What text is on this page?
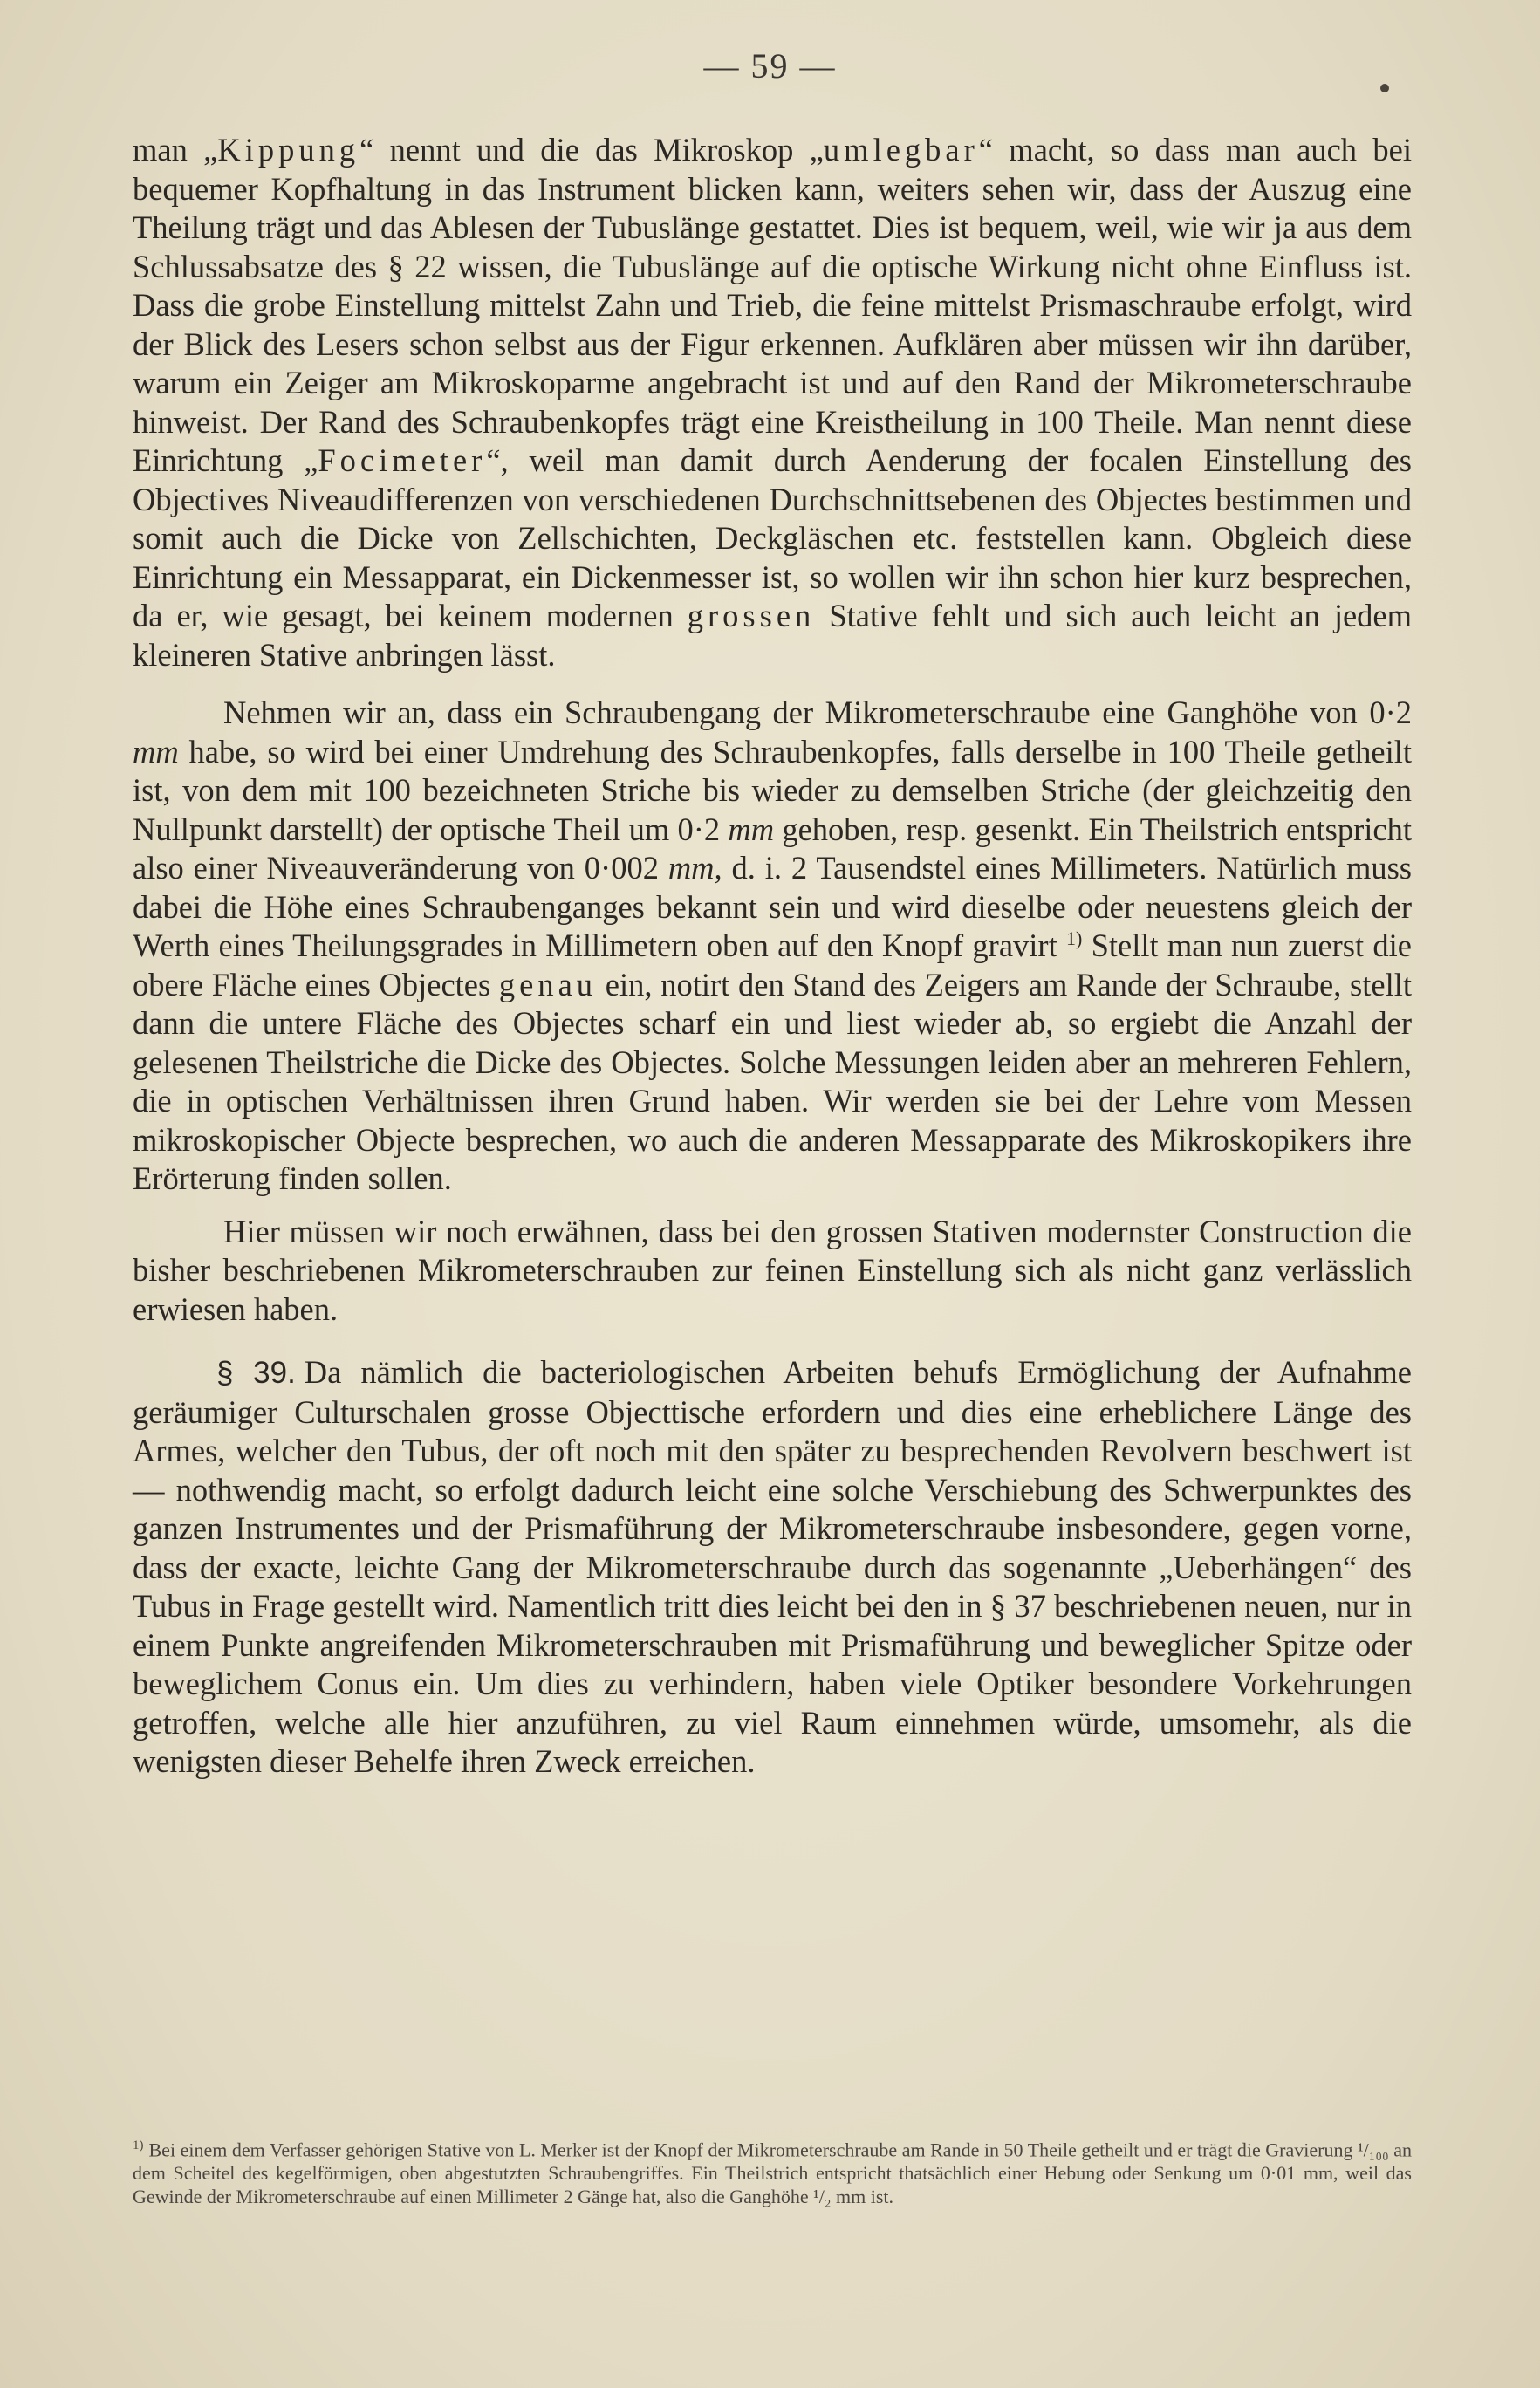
— 59 —

man „Kippung“ nennt und die das Mikroskop „umlegbar“ macht, so dass man auch bei bequemer Kopfhaltung in das Instrument blicken kann, weiters sehen wir, dass der Auszug eine Theilung trägt und das Ablesen der Tubuslänge gestattet. Dies ist bequem, weil, wie wir ja aus dem Schlussabsatze des § 22 wissen, die Tubuslänge auf die optische Wirkung nicht ohne Einfluss ist. Dass die grobe Einstellung mittelst Zahn und Trieb, die feine mittelst Prismaschraube erfolgt, wird der Blick des Lesers schon selbst aus der Figur erkennen. Aufklären aber müssen wir ihn darüber, warum ein Zeiger am Mikroskoparme angebracht ist und auf den Rand der Mikrometerschraube hinweist. Der Rand des Schraubenkopfes trägt eine Kreistheilung in 100 Theile. Man nennt diese Einrichtung „Focimeter“, weil man damit durch Aenderung der focalen Einstellung des Objectives Niveaudifferenzen von verschiedenen Durchschnittsebenen des Objectes bestimmen und somit auch die Dicke von Zellschichten, Deckgläschen etc. feststellen kann. Obgleich diese Einrichtung ein Messapparat, ein Dickenmesser ist, so wollen wir ihn schon hier kurz besprechen, da er, wie gesagt, bei keinem modernen grossen Stative fehlt und sich auch leicht an jedem kleineren Stative anbringen lässt.

Nehmen wir an, dass ein Schraubengang der Mikrometerschraube eine Ganghöhe von 0·2 mm habe, so wird bei einer Umdrehung des Schraubenkopfes, falls derselbe in 100 Theile getheilt ist, von dem mit 100 bezeichneten Striche bis wieder zu demselben Striche (der gleichzeitig den Nullpunkt darstellt) der optische Theil um 0·2 mm gehoben, resp. gesenkt. Ein Theilstrich entspricht also einer Niveauveränderung von 0·002 mm, d. i. 2 Tausendstel eines Millimeters. Natürlich muss dabei die Höhe eines Schraubenganges bekannt sein und wird dieselbe oder neuestens gleich der Werth eines Theilungsgrades in Millimetern oben auf den Knopf gravirt $^{1)}$ Stellt man nun zuerst die obere Fläche eines Objectes genau ein, notirt den Stand des Zeigers am Rande der Schraube, stellt dann die untere Fläche des Objectes scharf ein und liest wieder ab, so ergiebt die Anzahl der gelesenen Theilstriche die Dicke des Objectes. Solche Messungen leiden aber an mehreren Fehlern, die in optischen Verhältnissen ihren Grund haben. Wir werden sie bei der Lehre vom Messen mikroskopischer Objecte besprechen, wo auch die anderen Messapparate des Mikroskopikers ihre Erörterung finden sollen.

Hier müssen wir noch erwähnen, dass bei den grossen Stativen modernster Construction die bisher beschriebenen Mikrometerschrauben zur feinen Einstellung sich als nicht ganz verlässlich erwiesen haben.

§ 39. Da nämlich die bacteriologischen Arbeiten behufs Ermöglichung der Aufnahme geräumiger Culturschalen grosse Objecttische erfordern und dies eine erheblichere Länge des Armes, welcher den Tubus, der oft noch mit den später zu besprechenden Revolvern beschwert ist — nothwendig macht, so erfolgt dadurch leicht eine solche Verschiebung des Schwerpunktes des ganzen Instrumentes und der Prismaführung der Mikrometerschraube insbesondere, gegen vorne, dass der exacte, leichte Gang der Mikrometerschraube durch das sogenannte „Ueberhängen“ des Tubus in Frage gestellt wird. Namentlich tritt dies leicht bei den in § 37 beschriebenen neuen, nur in einem Punkte angreifenden Mikrometerschrauben mit Prismaführung und beweglicher Spitze oder beweglichem Conus ein. Um dies zu verhindern, haben viele Optiker besondere Vorkehrungen getroffen, welche alle hier anzuführen, zu viel Raum einnehmen würde, umsomehr, als die wenigsten dieser Behelfe ihren Zweck erreichen.

$^{1)}$ Bei einem dem Verfasser gehörigen Stative von L. Merker ist der Knopf der Mikrometerschraube am Rande in 50 Theile getheilt und er trägt die Gravierung ¹/₁₀₀ an dem Scheitel des kegelförmigen, oben abgestutzten Schraubengriffes. Ein Theilstrich entspricht thatsächlich einer Hebung oder Senkung um 0·01 mm, weil das Gewinde der Mikrometerschraube auf einen Millimeter 2 Gänge hat, also die Ganghöhe ¹/₂ mm ist.
